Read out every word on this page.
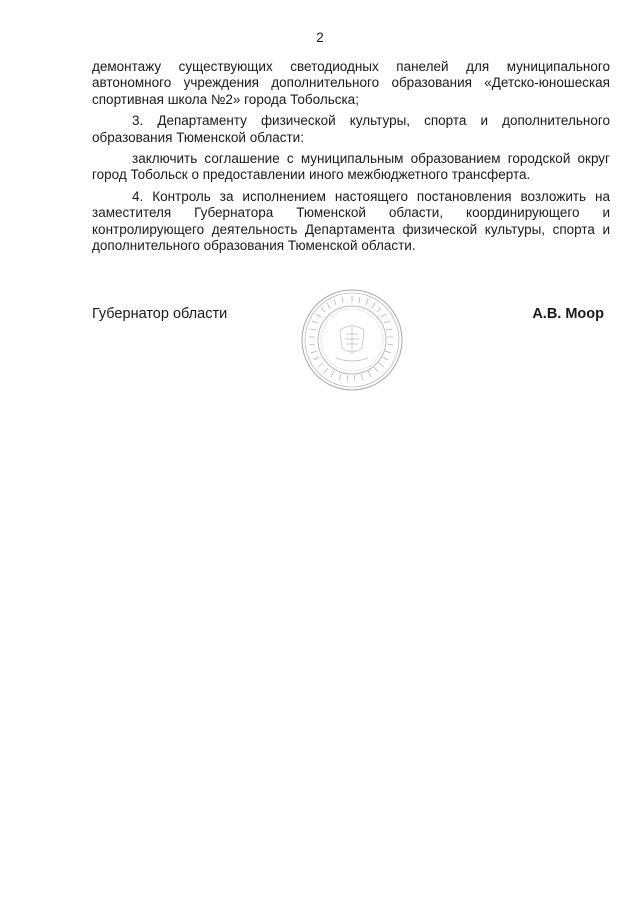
2

демонтажу существующих светодиодных панелей для муниципального автономного учреждения дополнительного образования «Детско-юношеская спортивная школа №2» города Тобольска;

3. Департаменту физической культуры, спорта и дополнительного образования Тюменской области:

заключить соглашение с муниципальным образованием городской округ город Тобольск о предоставлении иного межбюджетного трансферта.

4. Контроль за исполнением настоящего постановления возложить на заместителя Губернатора Тюменской области, координирующего и контролирующего деятельность Департамента физической культуры, спорта и дополнительного образования Тюменской области.

Губернатор области	А.В. Моор
